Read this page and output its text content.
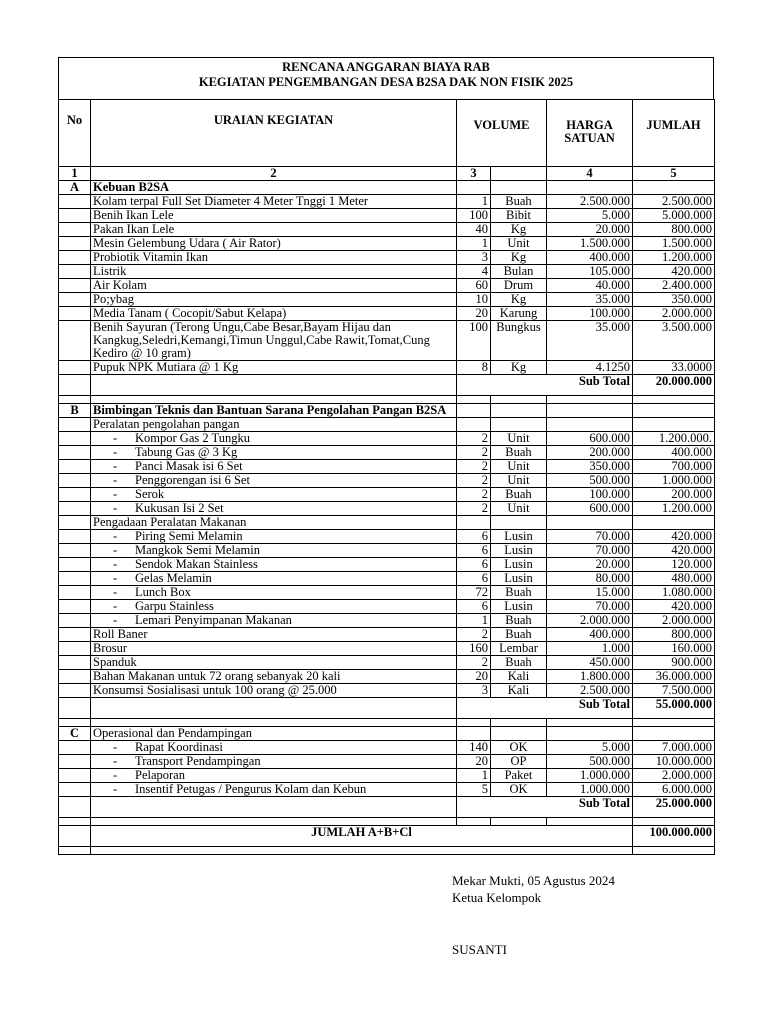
RENCANA ANGGARAN BIAYA RAB
KEGIATAN PENGEMBANGAN DESA B2SA DAK NON FISIK 2025
No	URAIAN KEGIATAN	VOLUME		HARGA SATUAN	JUMLAH
1	2	3		4	5
A	Kebuan B2SA				
	Kolam terpal Full Set Diameter 4 Meter Tnggi 1 Meter	1	Buah	2.500.000	2.500.000
	Benih Ikan Lele	100	Bibit	5.000	5.000.000
	Pakan Ikan Lele	40	Kg	20.000	800.000
	Mesin Gelembung Udara ( Air Rator)	1	Unit	1.500.000	1.500.000
	Probiotik Vitamin Ikan	3	Kg	400.000	1.200.000
	Listrik	4	Bulan	105.000	420.000
	Air Kolam	60	Drum	40.000	2.400.000
	Po;ybag	10	Kg	35.000	350.000
	Media Tanam ( Cocopit/Sabut Kelapa)	20	Karung	100.000	2.000.000
	Benih Sayuran (Terong Ungu,Cabe Besar,Bayam Hijau dan Kangkug,Seledri,Kemangi,Timun Unggul,Cabe Rawit,Tomat,Cung Kediro @ 10 gram)	100	Bungkus	35.000	3.500.000
	Pupuk NPK Mutiara @ 1 Kg	8	Kg	4.1250	33.0000
		Sub Total			20.000.000

B	Bimbingan Teknis dan Bantuan Sarana Pengolahan Pangan B2SA				
	Peralatan pengolahan pangan				
	- Kompor Gas 2 Tungku	2	Unit	600.000	1.200.000.
	- Tabung Gas @ 3 Kg	2	Buah	200.000	400.000
	- Panci Masak isi 6 Set	2	Unit	350.000	700.000
	- Penggorengan isi 6 Set	2	Unit	500.000	1.000.000
	- Serok	2	Buah	100.000	200.000
	- Kukusan Isi 2 Set	2	Unit	600.000	1.200.000
	Pengadaan Peralatan Makanan				
	- Piring Semi Melamin	6	Lusin	70.000	420.000
	- Mangkok Semi Melamin	6	Lusin	70.000	420.000
	- Sendok Makan Stainless	6	Lusin	20.000	120.000
	- Gelas Melamin	6	Lusin	80.000	480.000
	- Lunch Box	72	Buah	15.000	1.080.000
	- Garpu Stainless	6	Lusin	70.000	420.000
	- Lemari Penyimpanan Makanan	1	Buah	2.000.000	2.000.000
	Roll Baner	2	Buah	400.000	800.000
	Brosur	160	Lembar	1.000	160.000
	Spanduk	2	Buah	450.000	900.000
	Bahan Makanan untuk 72 orang sebanyak 20 kali	20	Kali	1.800.000	36.000.000
	Konsumsi Sosialisasi untuk 100 orang @ 25.000	3	Kali	2.500.000	7.500.000
		Sub Total			55.000.000

C	Operasional dan Pendampingan				
	- Rapat Koordinasi	140	OK	5.000	7.000.000
	- Transport Pendampingan	20	OP	500.000	10.000.000
	- Pelaporan	1	Paket	1.000.000	2.000.000
	- Insentif Petugas / Pengurus Kolam dan Kebun	5	OK	1.000.000	6.000.000
		Sub Total			25.000.000

	JUMLAH A+B+Cl				100.000.000

Mekar Mukti, 05 Agustus 2024
Ketua Kelompok
SUSANTI
